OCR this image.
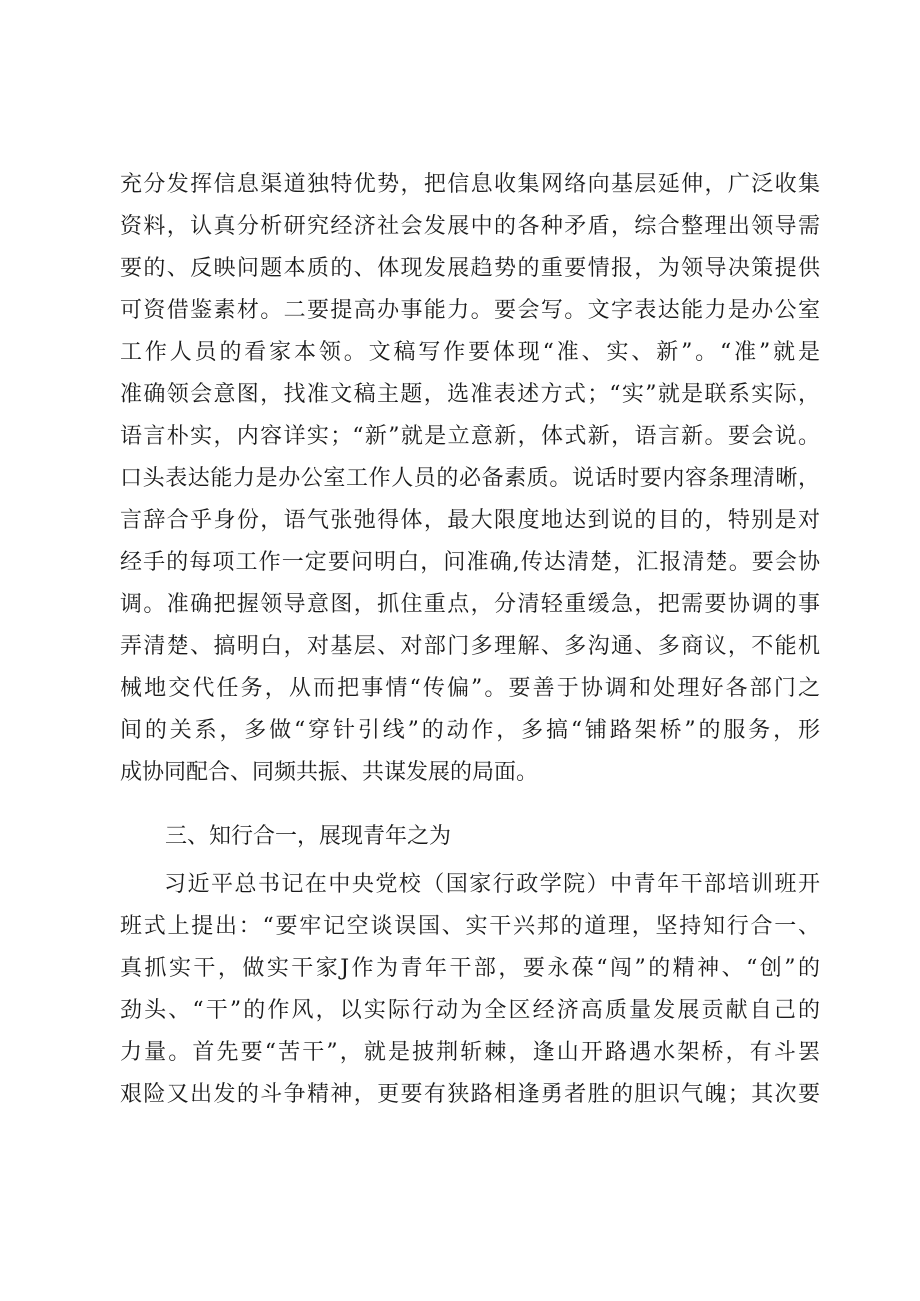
充分发挥信息渠道独特优势，把信息收集网络向基层延伸，广泛收集
资料，认真分析研究经济社会发展中的各种矛盾，综合整理出领导需
要的、反映问题本质的、体现发展趋势的重要情报，为领导决策提供
可资借鉴素材。二要提高办事能力。要会写。文字表达能力是办公室
工作人员的看家本领。文稿写作要体现“准、实、新”。“准”就是
准确领会意图，找准文稿主题，选准表述方式；“实”就是联系实际，
语言朴实，内容详实；“新”就是立意新，体式新，语言新。要会说。
口头表达能力是办公室工作人员的必备素质。说话时要内容条理清晰，
言辞合乎身份，语气张弛得体，最大限度地达到说的目的，特别是对
经手的每项工作一定要问明白，问准确,传达清楚，汇报清楚。要会协
调。准确把握领导意图，抓住重点，分清轻重缓急，把需要协调的事
弄清楚、搞明白，对基层、对部门多理解、多沟通、多商议，不能机
械地交代任务，从而把事情“传偏”。要善于协调和处理好各部门之
间的关系，多做“穿针引线”的动作，多搞“铺路架桥”的服务，形
成协同配合、同频共振、共谋发展的局面。
三、知行合一，展现青年之为
习近平总书记在中央党校（国家行政学院）中青年干部培训班开
班式上提出：“要牢记空谈误国、实干兴邦的道理，坚持知行合一、
真抓实干，做实干家J作为青年干部，要永葆“闯”的精神、“创”的
劲头、“干”的作风，以实际行动为全区经济高质量发展贡献自己的
力量。首先要“苦干”，就是披荆斩棘，逢山开路遇水架桥，有斗罢
艰险又出发的斗争精神，更要有狭路相逢勇者胜的胆识气魄；其次要
